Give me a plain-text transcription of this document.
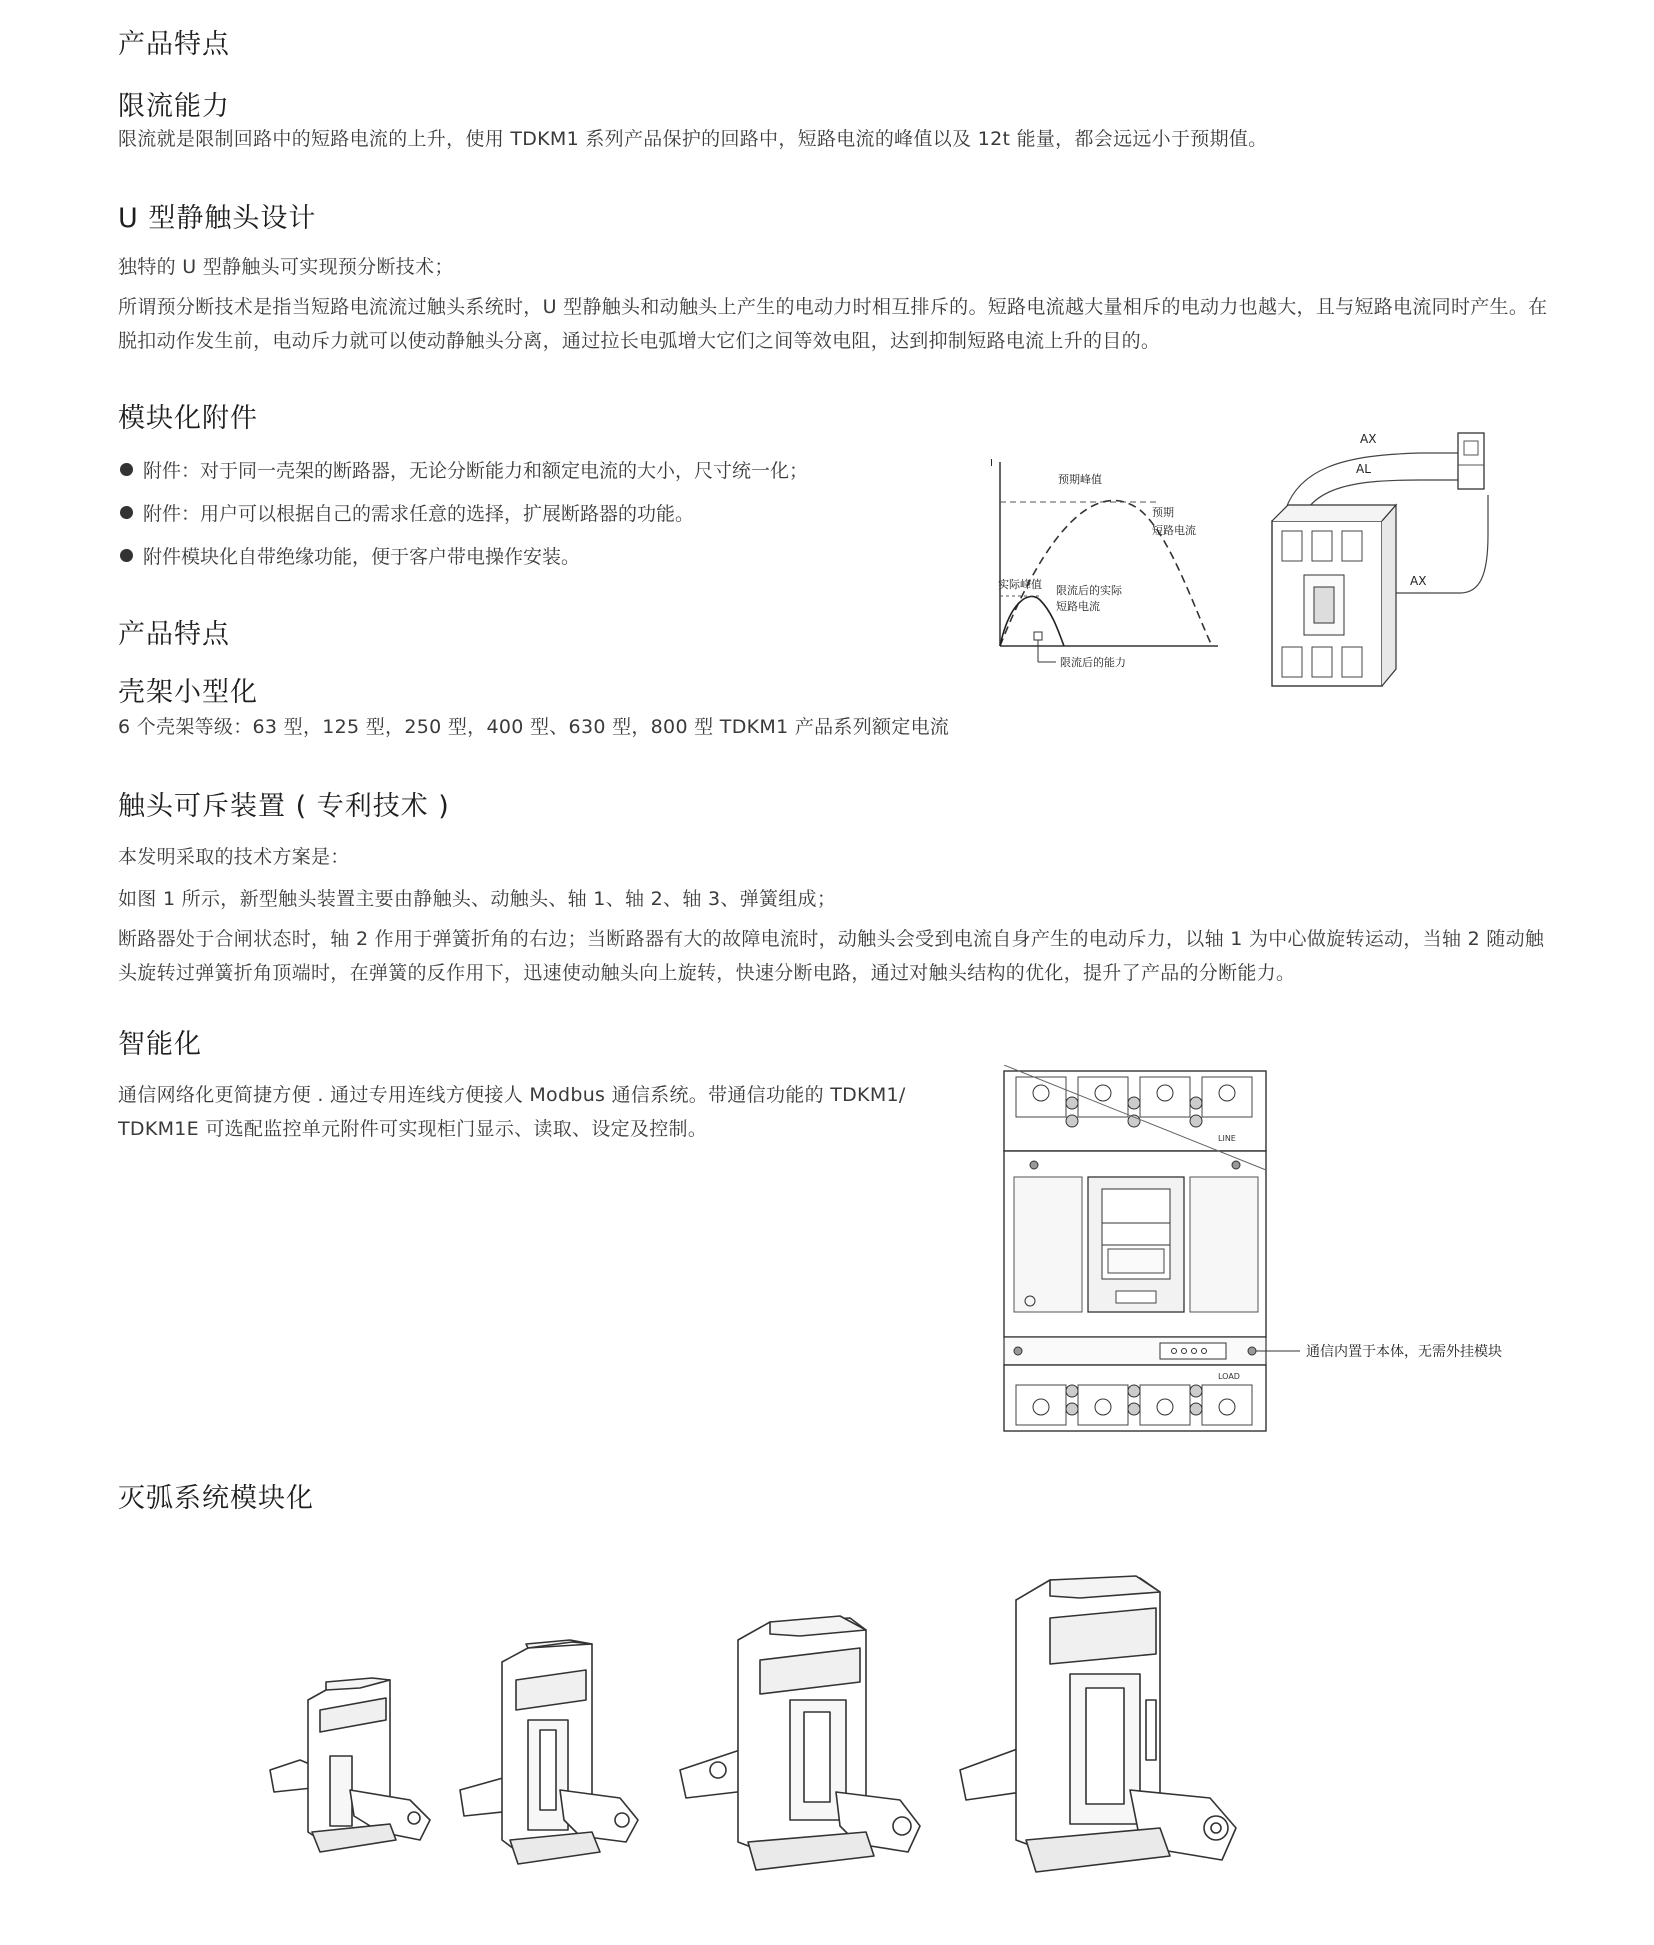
产品特点
限流能力
限流就是限制回路中的短路电流的上升，使用 TDKM1 系列产品保护的回路中，短路电流的峰值以及 12t 能量，都会远远小于预期值。
U 型静触头设计
独特的 U 型静触头可实现预分断技术；
所谓预分断技术是指当短路电流流过触头系统时，U 型静触头和动触头上产生的电动力时相互排斥的。短路电流越大量相斥的电动力也越大，且与短路电流同时产生。在脱扣动作发生前，电动斥力就可以使动静触头分离，通过拉长电弧增大它们之间等效电阻，达到抑制短路电流上升的目的。
模块化附件
附件：对于同一壳架的断路器，无论分断能力和额定电流的大小，尺寸统一化；
附件：用户可以根据自己的需求任意的选择，扩展断路器的功能。
附件模块化自带绝缘功能，便于客户带电操作安装。
产品特点
壳架小型化
6 个壳架等级：63 型，125 型，250 型，400 型、630 型，800 型 TDKM1 产品系列额定电流
触头可斥装置 ( 专利技术 )
本发明采取的技术方案是：
如图 1 所示，新型触头装置主要由静触头、动触头、轴 1、轴 2、轴 3、弹簧组成；
断路器处于合闸状态时，轴 2 作用于弹簧折角的右边；当断路器有大的故障电流时，动触头会受到电流自身产生的电动斥力，以轴 1 为中心做旋转运动，当轴 2 随动触头旋转过弹簧折角顶端时，在弹簧的反作用下，迅速使动触头向上旋转，快速分断电路，通过对触头结构的优化，提升了产品的分断能力。
智能化
通信网络化更简捷方便 . 通过专用连线方便接人 Modbus 通信系统。带通信功能的 TDKM1/ TDKM1E 可选配监控单元附件可实现柜门显示、读取、设定及控制。
灭弧系统模块化
I
预期峰值
预期
短路电流
实际峰值 限流后的实际
短路电流
限流后的能力
AX
AL
AX
LINE
通信内置于本体，无需外挂模块
LOAD
